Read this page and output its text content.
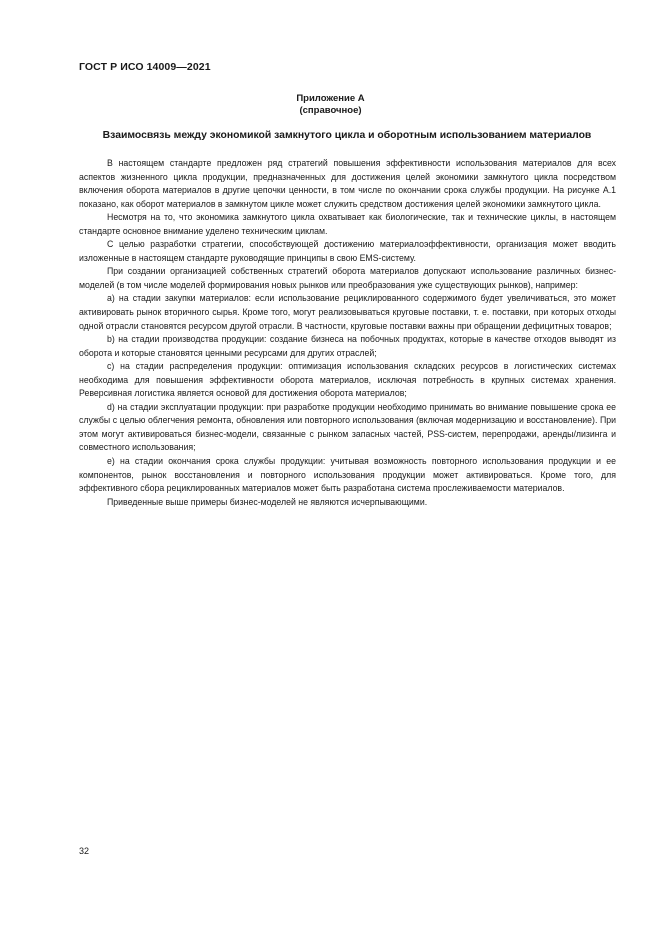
ГОСТ Р ИСО 14009—2021
Приложение А
(справочное)
Взаимосвязь между экономикой замкнутого цикла и оборотным использованием материалов

В настоящем стандарте предложен ряд стратегий повышения эффективности использования материалов для всех аспектов жизненного цикла продукции, предназначенных для достижения целей экономики замкнутого цикла посредством включения оборота материалов в другие цепочки ценности, в том числе по окончании срока службы продукции. На рисунке А.1 показано, как оборот материалов в замкнутом цикле может служить средством достижения целей экономики замкнутого цикла.

Несмотря на то, что экономика замкнутого цикла охватывает как биологические, так и технические циклы, в настоящем стандарте основное внимание уделено техническим циклам.

С целью разработки стратегии, способствующей достижению материалоэффективности, организация может вводить изложенные в настоящем стандарте руководящие принципы в свою EMS-систему.

При создании организацией собственных стратегий оборота материалов допускают использование различных бизнес-моделей (в том числе моделей формирования новых рынков или преобразования уже существующих рынков), например:

а) на стадии закупки материалов: если использование рециклированного содержимого будет увеличиваться, это может активировать рынок вторичного сырья. Кроме того, могут реализовываться круговые поставки, т. е. поставки, при которых отходы одной отрасли становятся ресурсом другой отрасли. В частности, круговые поставки важны при обращении дефицитных товаров;

b) на стадии производства продукции: создание бизнеса на побочных продуктах, которые в качестве отходов выводят из оборота и которые становятся ценными ресурсами для других отраслей;

с) на стадии распределения продукции: оптимизация использования складских ресурсов в логистических системах необходима для повышения эффективности оборота материалов, исключая потребность в крупных системах хранения. Реверсивная логистика является основой для достижения оборота материалов;

d) на стадии эксплуатации продукции: при разработке продукции необходимо принимать во внимание повышение срока ее службы с целью облегчения ремонта, обновления или повторного использования (включая модернизацию и восстановление). При этом могут активироваться бизнес-модели, связанные с рынком запасных частей, PSS-систем, перепродажи, аренды/лизинга и совместного использования;

е) на стадии окончания срока службы продукции: учитывая возможность повторного использования продукции и ее компонентов, рынок восстановления и повторного использования продукции может активироваться. Кроме того, для эффективного сбора рециклированных материалов может быть разработана система прослеживаемости материалов.

Приведенные выше примеры бизнес-моделей не являются исчерпывающими.

32
